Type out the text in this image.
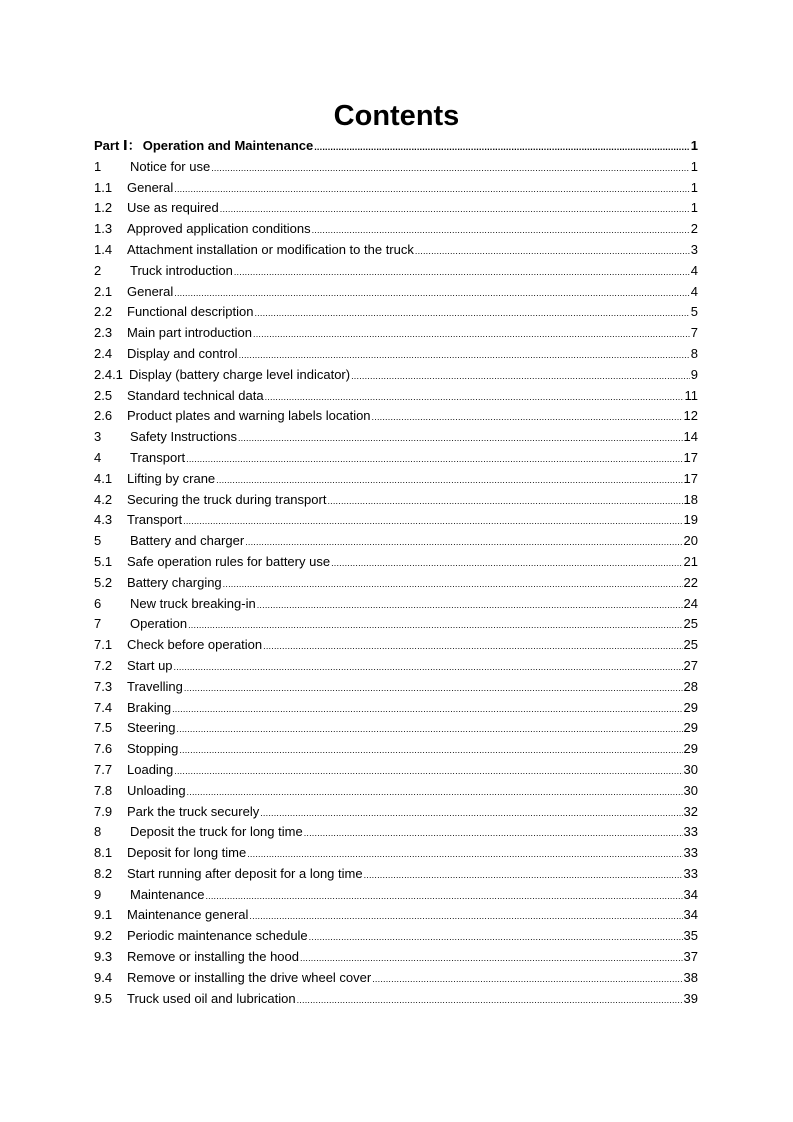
Contents
Part Ⅰ： Operation and Maintenance .....	1
1	Notice for use .....	1
1.1	General .....	1
1.2	Use as required .....	1
1.3	Approved application conditions .....	2
1.4	Attachment installation or modification to the truck .....	3
2	Truck introduction .....	4
2.1	General .....	4
2.2	Functional description .....	5
2.3	Main part introduction .....	7
2.4	Display and control .....	8
2.4.1 Display (battery charge level indicator) .....	9
2.5	Standard technical data .....	11
2.6	Product plates and warning labels location .....	12
3	Safety Instructions .....	14
4	Transport .....	17
4.1	Lifting by crane .....	17
4.2	Securing the truck during transport .....	18
4.3	Transport .....	19
5	Battery and charger .....	20
5.1	Safe operation rules for battery use .....	21
5.2	Battery charging .....	22
6	New truck breaking-in .....	24
7	Operation .....	25
7.1	Check before operation .....	25
7.2	Start up .....	27
7.3	Travelling .....	28
7.4	Braking .....	29
7.5	Steering .....	29
7.6	Stopping .....	29
7.7	Loading .....	30
7.8	Unloading .....	30
7.9	Park the truck securely .....	32
8	Deposit the truck for long time .....	33
8.1	Deposit for long time .....	33
8.2	Start running after deposit for a long time .....	33
9	Maintenance .....	34
9.1	Maintenance general .....	34
9.2	Periodic maintenance schedule .....	35
9.3	Remove or installing the hood .....	37
9.4	Remove or installing the drive wheel cover .....	38
9.5	Truck used oil and lubrication .....	39
